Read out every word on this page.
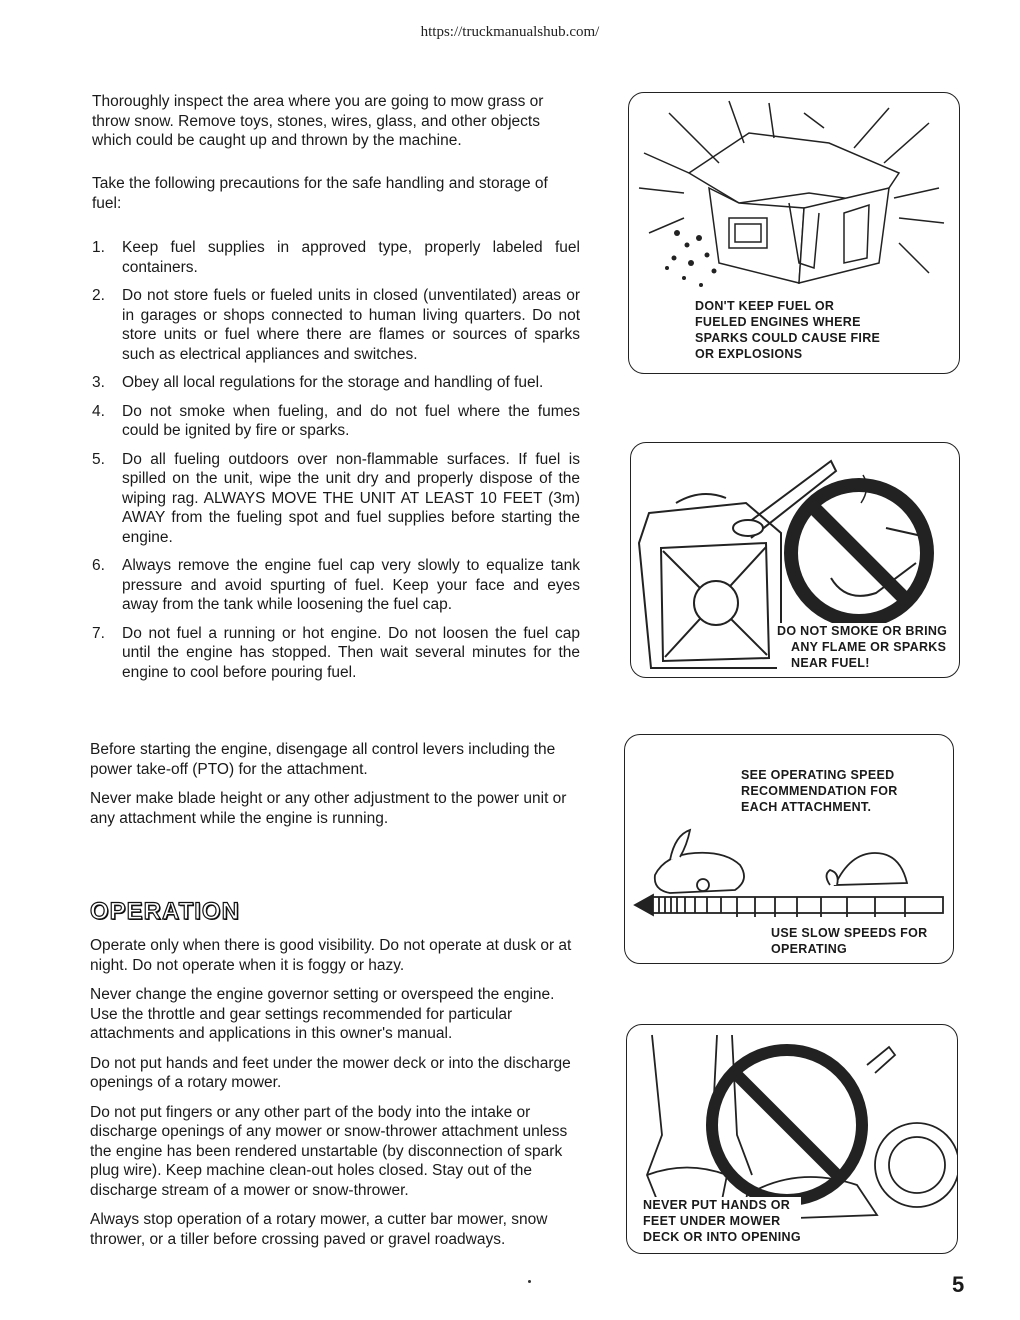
https://truckmanualshub.com/

Thoroughly inspect the area where you are going to mow grass or throw snow. Remove toys, stones, wires, glass, and other objects which could be caught up and thrown by the machine.

Take the following precautions for the safe handling and storage of fuel:

1.	Keep fuel supplies in approved type, properly labeled fuel containers.
2.	Do not store fuels or fueled units in closed (unventilated) areas or in garages or shops connected to human living quarters. Do not store units or fuel where there are flames or sources of sparks such as electrical appliances and switches.
3.	Obey all local regulations for the storage and handling of fuel.
4.	Do not smoke when fueling, and do not fuel where the fumes could be ignited by fire or sparks.
5.	Do all fueling outdoors over non-flammable surfaces. If fuel is spilled on the unit, wipe the unit dry and properly dispose of the wiping rag. ALWAYS MOVE THE UNIT AT LEAST 10 FEET (3m) AWAY from the fueling spot and fuel supplies before starting the engine.
6.	Always remove the engine fuel cap very slowly to equalize tank pressure and avoid spurting of fuel. Keep your face and eyes away from the tank while loosening the fuel cap.
7.	Do not fuel a running or hot engine. Do not loosen the fuel cap until the engine has stopped. Then wait several minutes for the engine to cool before pouring fuel.

Before starting the engine, disengage all control levers including the power take-off (PTO) for the attachment.

Never make blade height or any other adjustment to the power unit or any attachment while the engine is running.

OPERATION

Operate only when there is good visibility. Do not operate at dusk or at night. Do not operate when it is foggy or hazy.

Never change the engine governor setting or overspeed the engine. Use the throttle and gear settings recommended for particular attachments and applications in this owner's manual.

Do not put hands and feet under the mower deck or into the discharge openings of a rotary mower.

Do not put fingers or any other part of the body into the intake or discharge openings of any mower or snow-thrower attachment unless the engine has been rendered unstartable (by disconnection of spark plug wire). Keep machine clean-out holes closed. Stay out of the discharge stream of a mower or snow-thrower.

Always stop operation of a rotary mower, a cutter bar mower, snow thrower, or a tiller before crossing paved or gravel roadways.

DON'T KEEP FUEL OR
FUELED ENGINES WHERE
SPARKS COULD CAUSE FIRE
OR EXPLOSIONS
DO NOT SMOKE OR BRING
ANY FLAME OR SPARKS
NEAR FUEL!
SEE OPERATING SPEED
RECOMMENDATION FOR
EACH ATTACHMENT.
USE SLOW SPEEDS FOR
OPERATING
NEVER PUT HANDS OR
FEET UNDER MOWER
DECK OR INTO OPENING
5
